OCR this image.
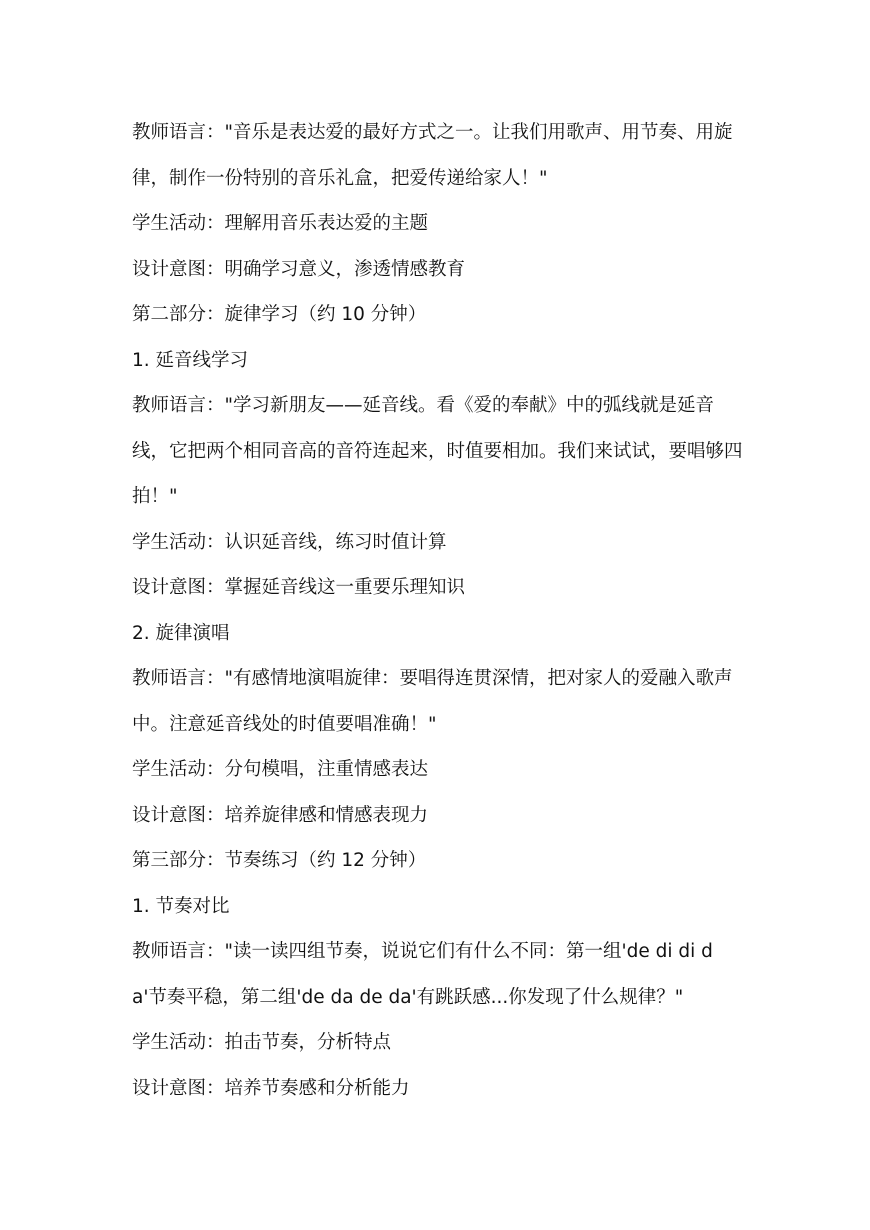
教师语言："音乐是表达爱的最好方式之一。让我们用歌声、用节奏、用旋律，制作一份特别的音乐礼盒，把爱传递给家人！"

学生活动：理解用音乐表达爱的主题

设计意图：明确学习意义，渗透情感教育

第二部分：旋律学习（约 10 分钟）

1. 延音线学习

教师语言："学习新朋友——延音线。看《爱的奉献》中的弧线就是延音线，它把两个相同音高的音符连起来，时值要相加。我们来试试，要唱够四拍！"

学生活动：认识延音线，练习时值计算

设计意图：掌握延音线这一重要乐理知识

2. 旋律演唱

教师语言："有感情地演唱旋律：要唱得连贯深情，把对家人的爱融入歌声中。注意延音线处的时值要唱准确！"

学生活动：分句模唱，注重情感表达

设计意图：培养旋律感和情感表现力

第三部分：节奏练习（约 12 分钟）

1. 节奏对比

教师语言："读一读四组节奏，说说它们有什么不同：第一组'de di di da'节奏平稳，第二组'de da de da'有跳跃感...你发现了什么规律？"

学生活动：拍击节奏，分析特点

设计意图：培养节奏感和分析能力
